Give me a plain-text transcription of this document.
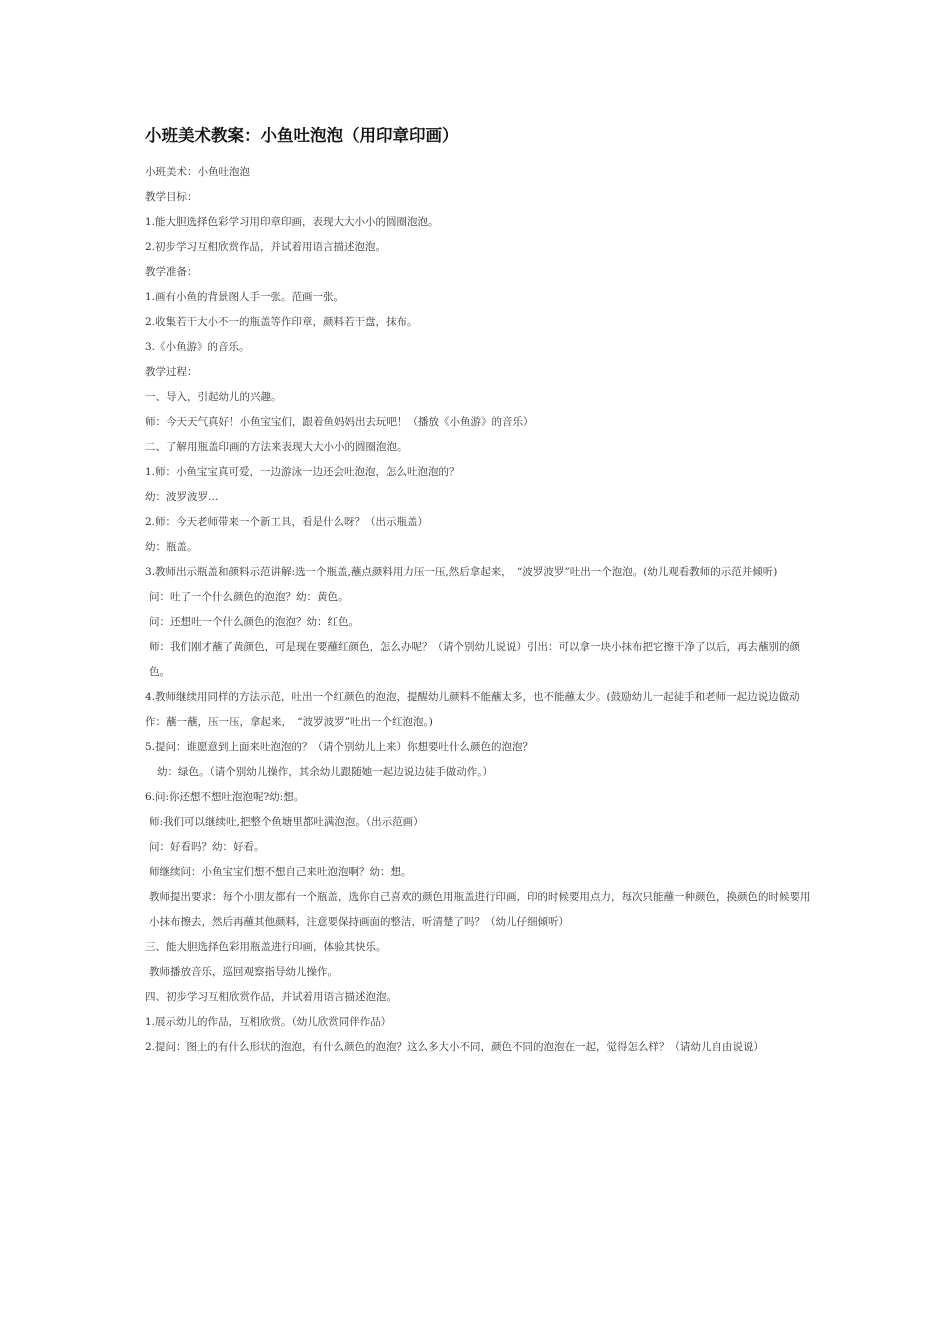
小班美术教案：小鱼吐泡泡（用印章印画）

小班美术：小鱼吐泡泡

教学目标：

1.能大胆选择色彩学习用印章印画，表现大大小小的圆圈泡泡。

2.初步学习互相欣赏作品，并试着用语言描述泡泡。

教学准备：

1.画有小鱼的背景图人手一张。范画一张。

2.收集若干大小不一的瓶盖等作印章，颜料若干盘，抹布。

3.《小鱼游》的音乐。

教学过程：

一、导入，引起幼儿的兴趣。

师：今天天气真好！小鱼宝宝们，跟着鱼妈妈出去玩吧！（播放《小鱼游》的音乐）

二、了解用瓶盖印画的方法来表现大大小小的圆圈泡泡。

1.师：小鱼宝宝真可爱，一边游泳一边还会吐泡泡，怎么吐泡泡的？

幼：波罗波罗…

2.师：今天老师带来一个新工具，看是什么呀？（出示瓶盖）

幼：瓶盖。

3.教师出示瓶盖和颜料示范讲解:选一个瓶盖,蘸点颜料用力压一压,然后拿起来，　“波罗波罗”吐出一个泡泡。(幼儿观看教师的示范并倾听)

问：吐了一个什么颜色的泡泡？幼：黄色。

问：还想吐一个什么颜色的泡泡？幼：红色。

师：我们刚才蘸了黄颜色，可是现在要蘸红颜色，怎么办呢？（请个别幼儿说说）引出：可以拿一块小抹布把它擦干净了以后，再去蘸别的颜色。

4.教师继续用同样的方法示范，吐出一个红颜色的泡泡，提醒幼儿颜料不能蘸太多，也不能蘸太少。(鼓励幼儿一起徒手和老师一起边说边做动作：蘸一蘸，压一压，拿起来，　“波罗波罗”吐出一个红泡泡。)

5.提问：谁愿意到上面来吐泡泡的？（请个别幼儿上来）你想要吐什么颜色的泡泡？

幼：绿色。（请个别幼儿操作，其余幼儿跟随她一起边说边徒手做动作。）

6.问:你还想不想吐泡泡呢?幼:想。

师:我们可以继续吐,把整个鱼塘里都吐满泡泡。（出示范画）

问：好看吗？幼：好看。

师继续问：小鱼宝宝们想不想自己来吐泡泡啊？幼：想。

教师提出要求：每个小朋友都有一个瓶盖，选你自己喜欢的颜色用瓶盖进行印画，印的时候要用点力，每次只能蘸一种颜色，换颜色的时候要用小抹布擦去，然后再蘸其他颜料，注意要保持画面的整洁，听清楚了吗？（幼儿仔细倾听）

三、能大胆选择色彩用瓶盖进行印画，体验其快乐。

教师播放音乐，巡回观察指导幼儿操作。

四、初步学习互相欣赏作品，并试着用语言描述泡泡。

1.展示幼儿的作品，互相欣赏。（幼儿欣赏同伴作品）

2.提问：图上的有什么形状的泡泡，有什么颜色的泡泡？这么多大小不同，颜色不同的泡泡在一起，觉得怎么样？（请幼儿自由说说）
